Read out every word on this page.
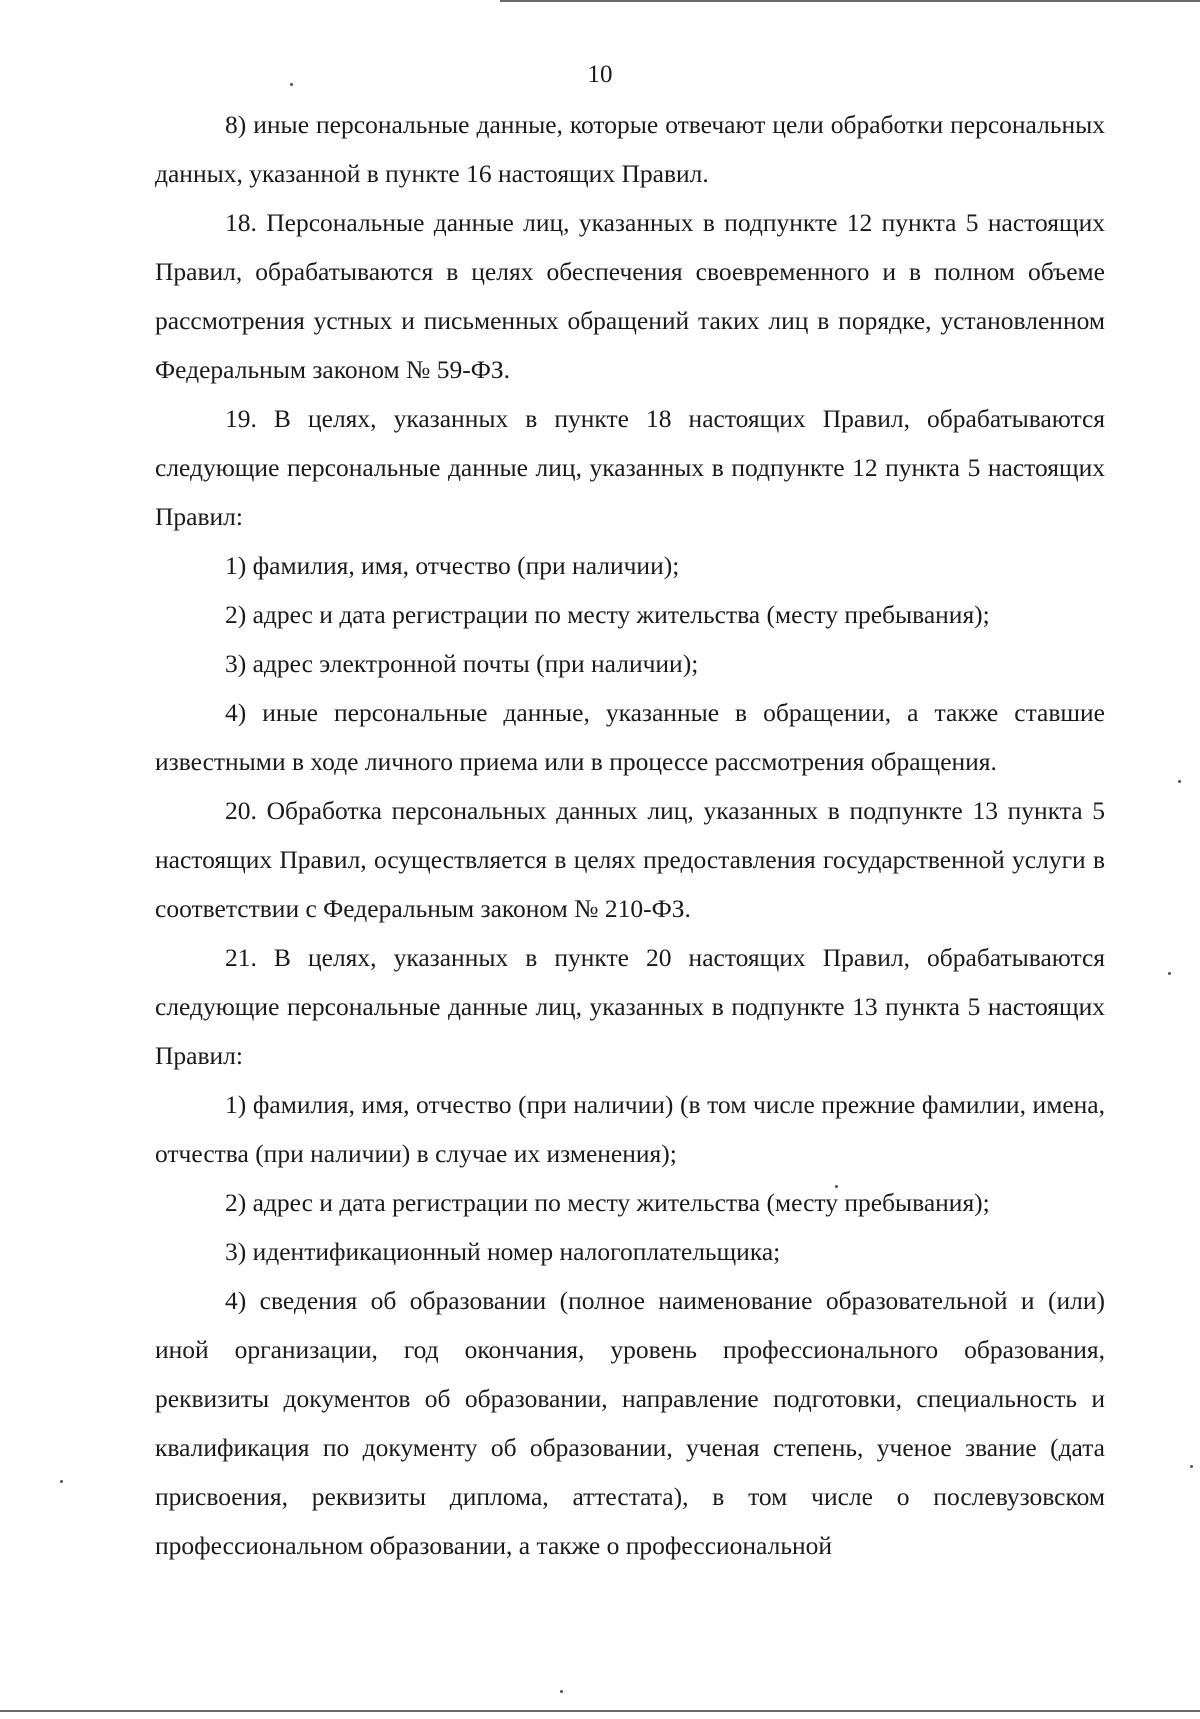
10

8) иные персональные данные, которые отвечают цели обработки персональных данных, указанной в пункте 16 настоящих Правил.

18. Персональные данные лиц, указанных в подпункте 12 пункта 5 настоящих Правил, обрабатываются в целях обеспечения своевременного и в полном объеме рассмотрения устных и письменных обращений таких лиц в порядке, установленном Федеральным законом № 59-ФЗ.

19. В целях, указанных в пункте 18 настоящих Правил, обрабатываются следующие персональные данные лиц, указанных в подпункте 12 пункта 5 настоящих Правил:

1) фамилия, имя, отчество (при наличии);

2) адрес и дата регистрации по месту жительства (месту пребывания);

3) адрес электронной почты (при наличии);

4) иные персональные данные, указанные в обращении, а также ставшие известными в ходе личного приема или в процессе рассмотрения обращения.

20. Обработка персональных данных лиц, указанных в подпункте 13 пункта 5 настоящих Правил, осуществляется в целях предоставления государственной услуги в соответствии с Федеральным законом № 210-ФЗ.

21. В целях, указанных в пункте 20 настоящих Правил, обрабатываются следующие персональные данные лиц, указанных в подпункте 13 пункта 5 настоящих Правил:

1) фамилия, имя, отчество (при наличии) (в том числе прежние фамилии, имена, отчества (при наличии) в случае их изменения);

2) адрес и дата регистрации по месту жительства (месту пребывания);

3) идентификационный номер налогоплательщика;

4) сведения об образовании (полное наименование образовательной и (или) иной организации, год окончания, уровень профессионального образования, реквизиты документов об образовании, направление подготовки, специальность и квалификация по документу об образовании, ученая степень, ученое звание (дата присвоения, реквизиты диплома, аттестата), в том числе о послевузовском профессиональном образовании, а также о профессиональной
